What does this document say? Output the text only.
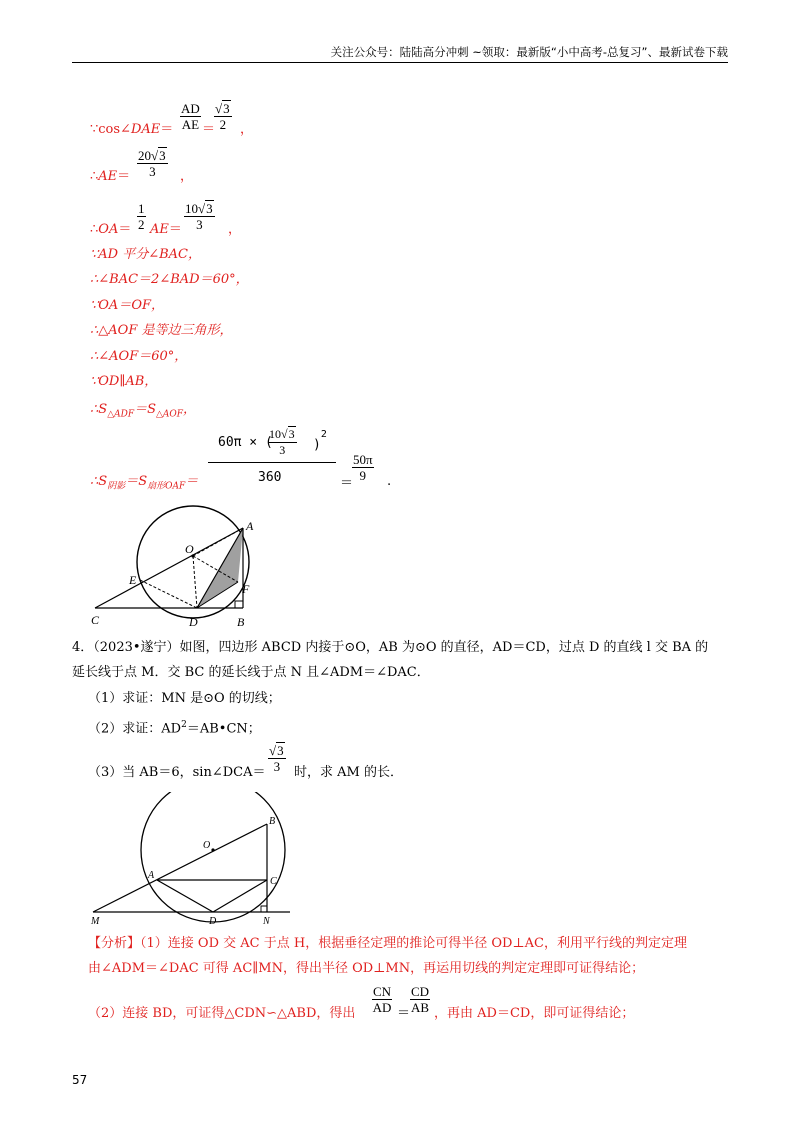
关注公众号：陆陆高分冲刺 ~领取：最新版“小中高考-总复习”、最新试卷下载
∵cos∠DAE＝ $\frac{AD}{AE}$ ＝
$\frac{√3}{2}$ ，
∴AE＝ $\frac{20√3}{3}$ ，
∴OA＝ $\frac{1}{2} AE= \frac{10√3}{3}$ ，
∵AD 平分∠BAC，
∴∠BAC＝2∠BAD＝60°，
∵OA＝OF，
∴△AOF 是等边三角形，
∴∠AOF＝60°，
∵OD∥AB，
$\therefore S_{\triangle ADF}=S_{\triangle AOF}$，
$\therefore S_{阴影}=S_{扇形OAF}=$
60π × (
$\frac{10√3}{3} )^2$
360	＝
$\frac{50\pi}{9}$ .
A
O
E
F
C	D	B
4．（2023•遂宁）如图，四边形 ABCD 内接于⊙O，AB 为⊙O 的直径，AD＝CD，过点 D 的直线 l 交 BA 的
延长线于点 M．交 BC 的延长线于点 N 且∠ADM＝∠DAC．
（1）求证：MN 是⊙O 的切线；
（2）求证：$AD^2=AB•CN$；
（3）当 AB＝6，sin∠DCA＝ $\frac{√3}{3}$ 时，求 AM 的长．
B
O
A
C
M	D	N
【分析】（1）连接 OD 交 AC 于点 H，根据垂径定理的推论可得半径 OD⊥AC，利用平行线的判定定理
由∠ADM＝∠DAC 可得 AC∥MN，得出半径 OD⊥MN，再运用切线的判定定理即可证得结论；
（2）连接 BD，可证得△CDN∽△ABD，得出 $\frac{CN}{AD} = \frac{CD}{AB}$ ，再由 AD＝CD，即可证得结论；
57
